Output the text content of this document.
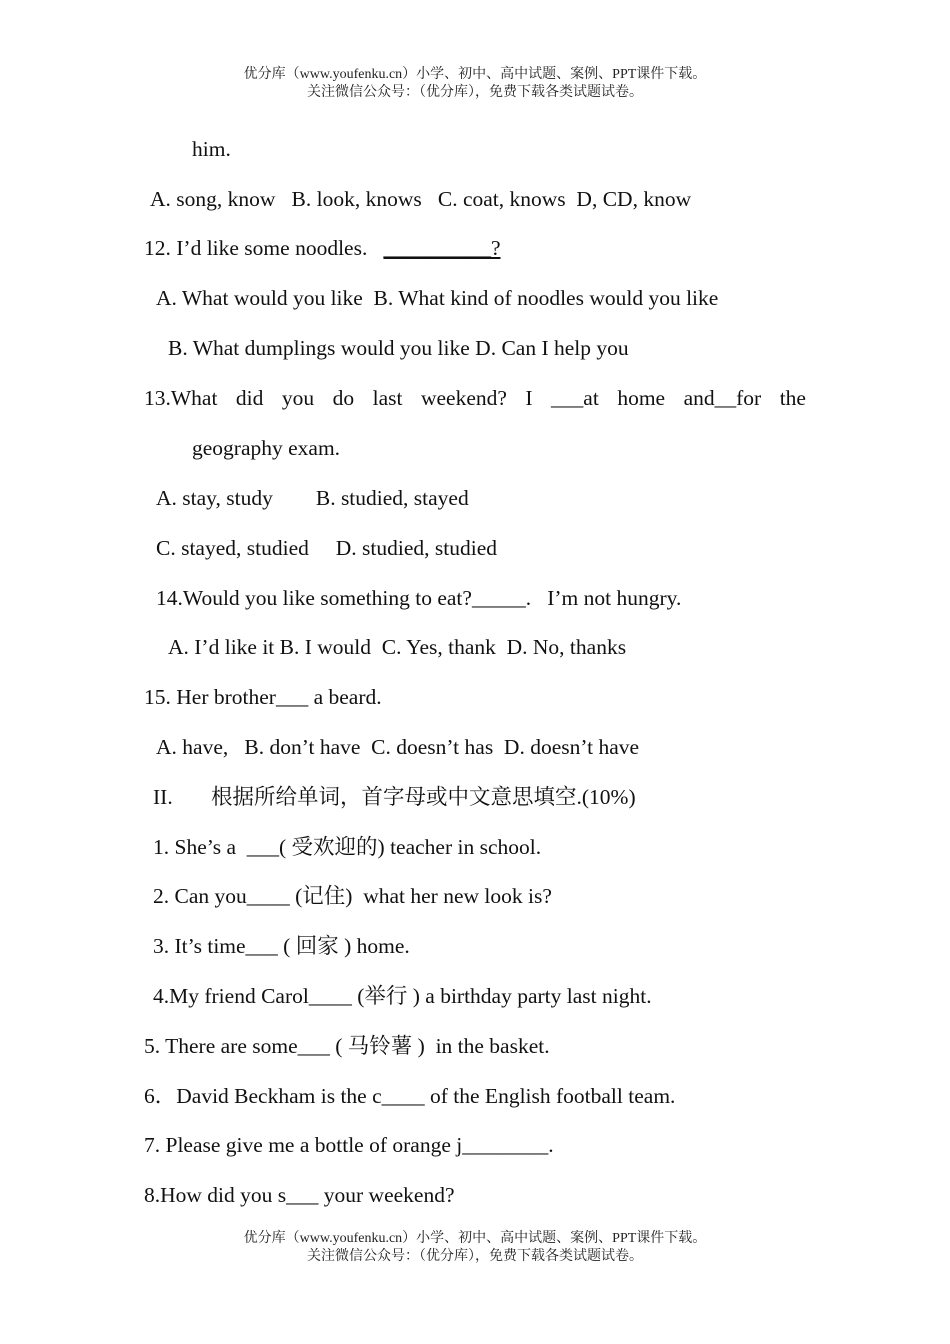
优分库（www.youfenku.cn）小学、初中、高中试题、案例、PPT课件下载。
关注微信公众号：（优分库），免费下载各类试题试卷。
him.
A. song, know   B. look, knows   C. coat, knows  D, CD, know
12. I’d like some noodles.   __________?
A. What would you like  B. What kind of noodles would you like
B. What dumplings would you like D. Can I help you
13.What did you do last weekend? I ___at home and__for the
geography exam.
A. stay, study        B. studied, stayed
C. stayed, studied     D. studied, studied
14.Would you like something to eat?_____.   I’m not hungry.
A. I’d like it B. I would  C. Yes, thank  D. No, thanks
15. Her brother___ a beard.
A. have,   B. don’t have  C. doesn’t has  D. doesn’t have
II. 根据所给单词，首字母或中文意思填空.(10%)
1. She’s a  ___( 受欢迎的) teacher in school.
2. Can you____ (记住)  what her new look is?
3. It’s time___ ( 回家 ) home.
4.My friend Carol____ (举行 ) a birthday party last night.
5. There are some___ ( 马铃薯 )  in the basket.
6．David Beckham is the c____ of the English football team.
7. Please give me a bottle of orange j________.
8.How did you s___ your weekend?
优分库（www.youfenku.cn）小学、初中、高中试题、案例、PPT课件下载。
关注微信公众号：（优分库），免费下载各类试题试卷。
